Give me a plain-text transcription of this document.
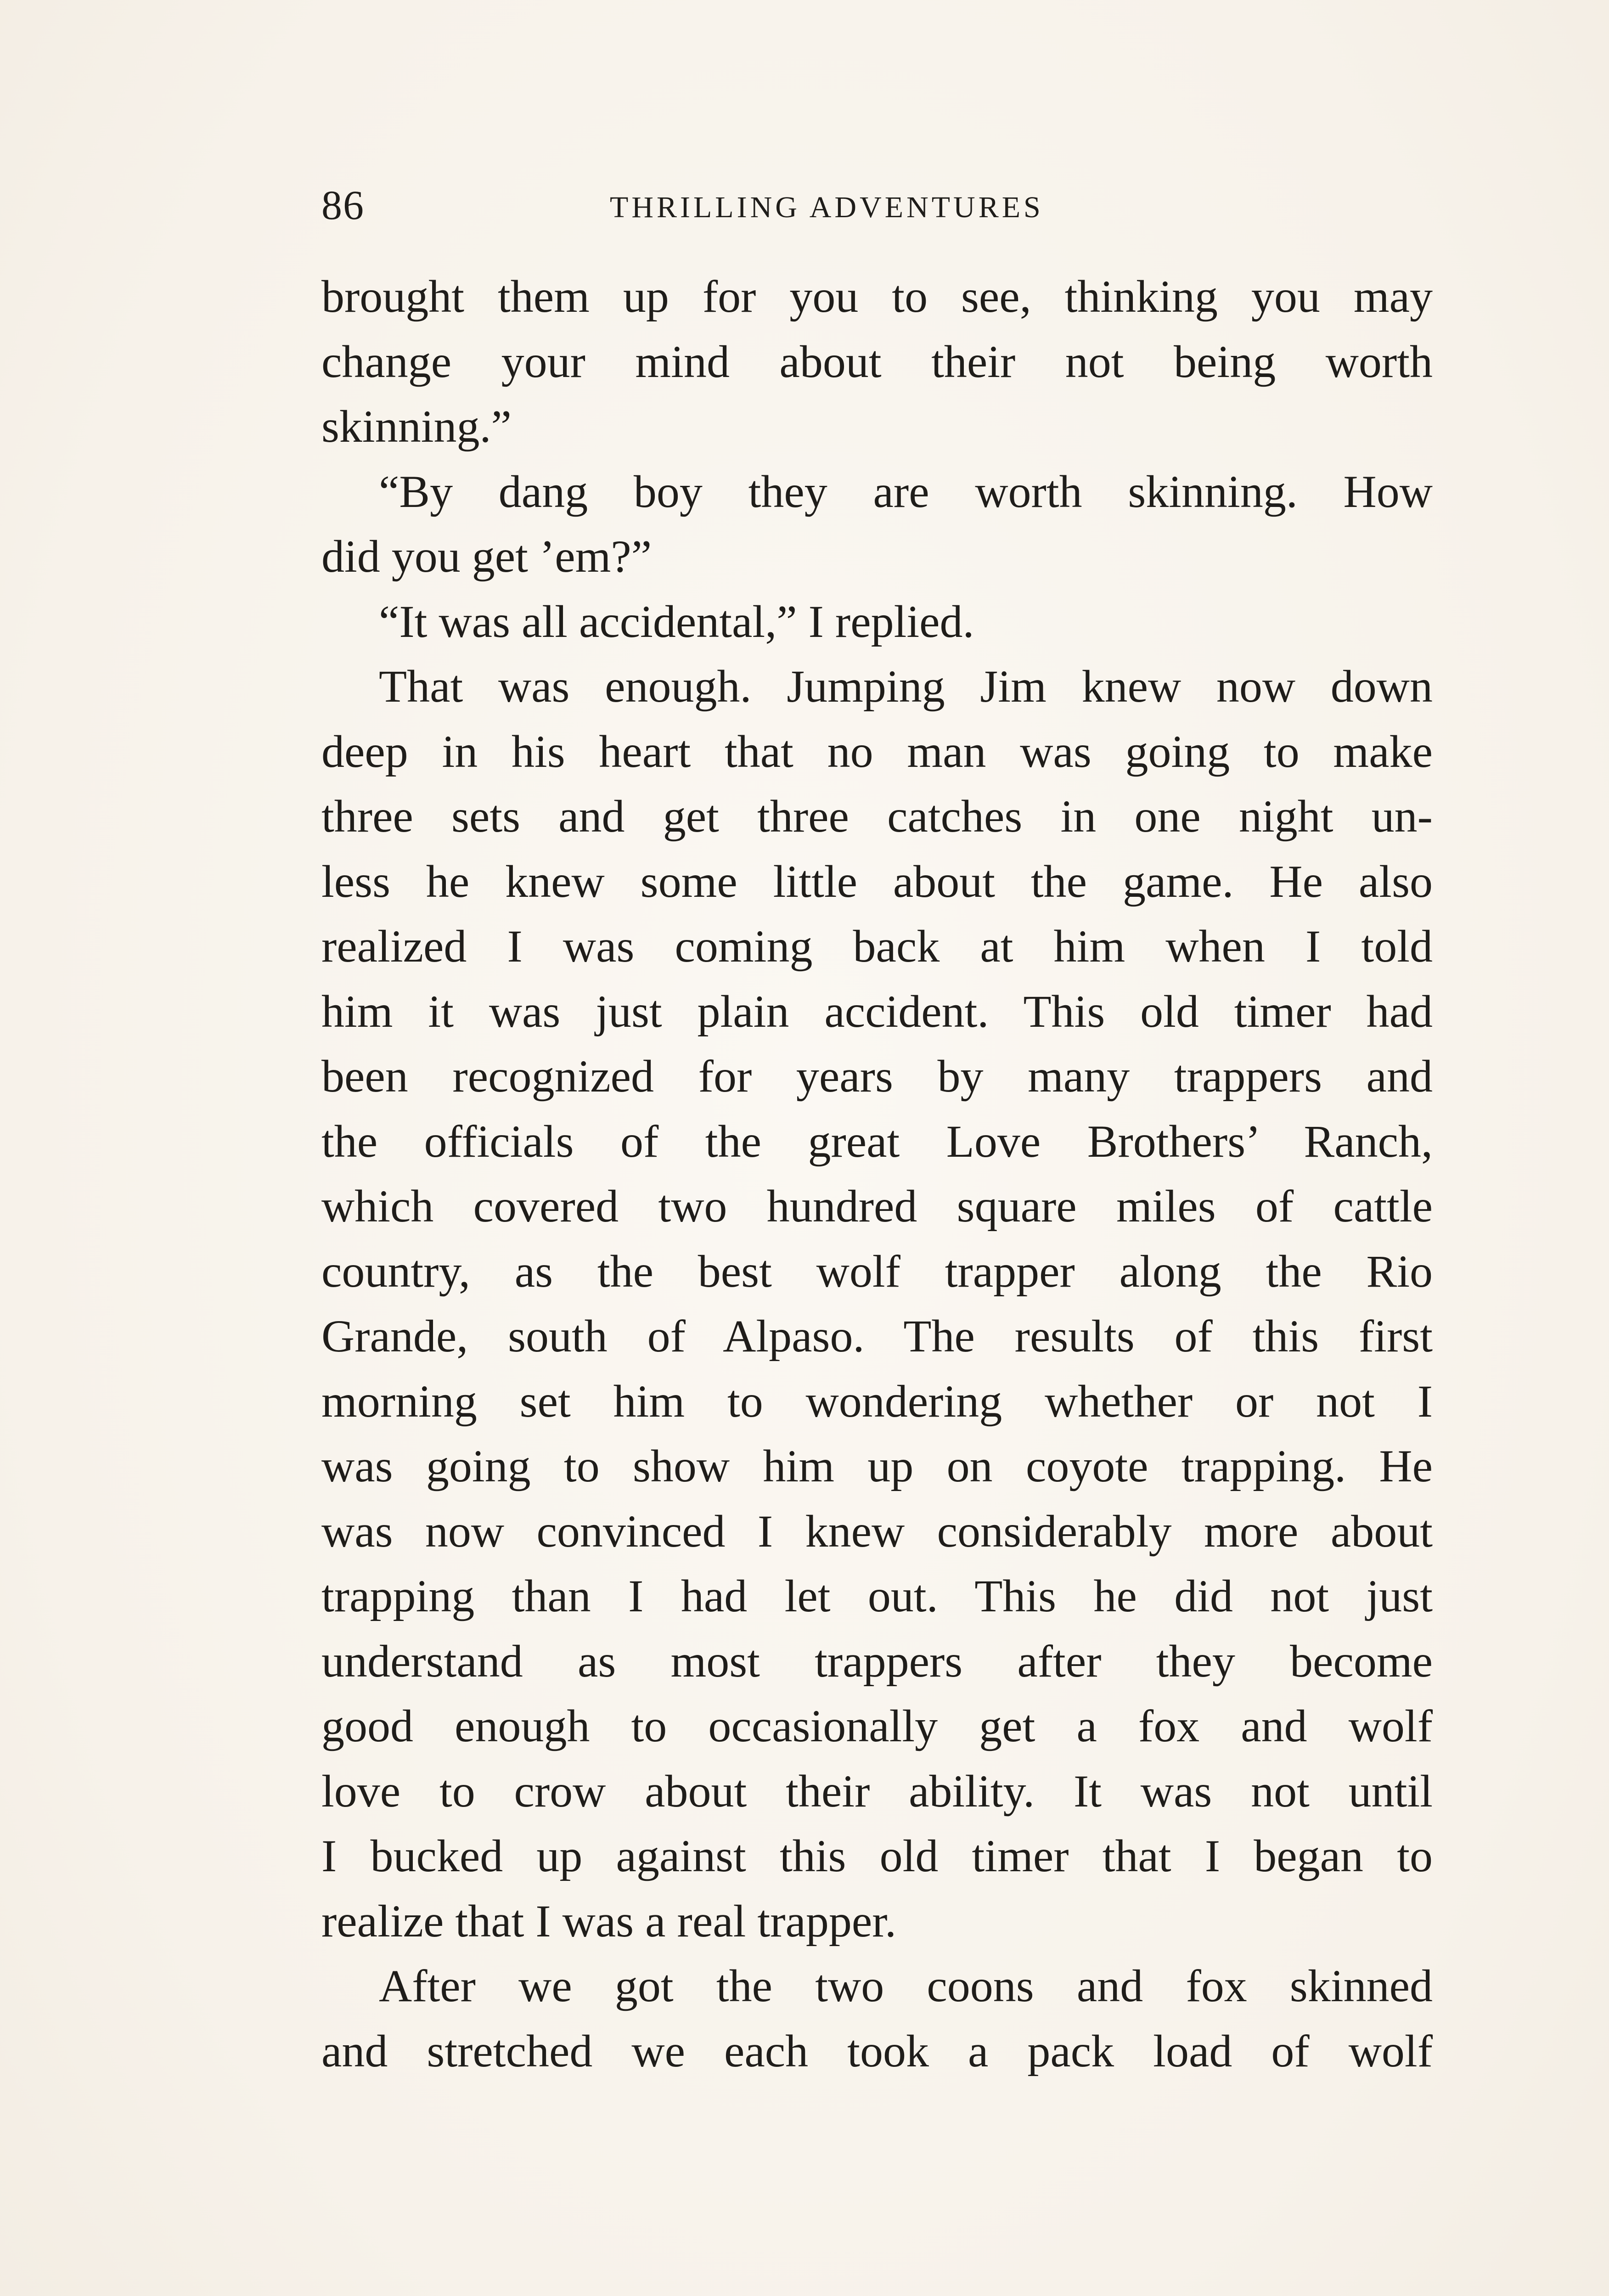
86	THRILLING ADVENTURES
brought them up for you to see, thinking you may
change your mind about their not being worth
skinning.”
“By dang boy they are worth skinning. How
did you get ’em?”
“It was all accidental,” I replied.
That was enough. Jumping Jim knew now down
deep in his heart that no man was going to make
three sets and get three catches in one night un-
less he knew some little about the game. He also
realized I was coming back at him when I told
him it was just plain accident. This old timer had
been recognized for years by many trappers and
the officials of the great Love Brothers’ Ranch,
which covered two hundred square miles of cattle
country, as the best wolf trapper along the Rio
Grande, south of Alpaso. The results of this first
morning set him to wondering whether or not I
was going to show him up on coyote trapping. He
was now convinced I knew considerably more about
trapping than I had let out. This he did not just
understand as most trappers after they become
good enough to occasionally get a fox and wolf
love to crow about their ability. It was not until
I bucked up against this old timer that I began to
realize that I was a real trapper.
After we got the two coons and fox skinned
and stretched we each took a pack load of wolf
